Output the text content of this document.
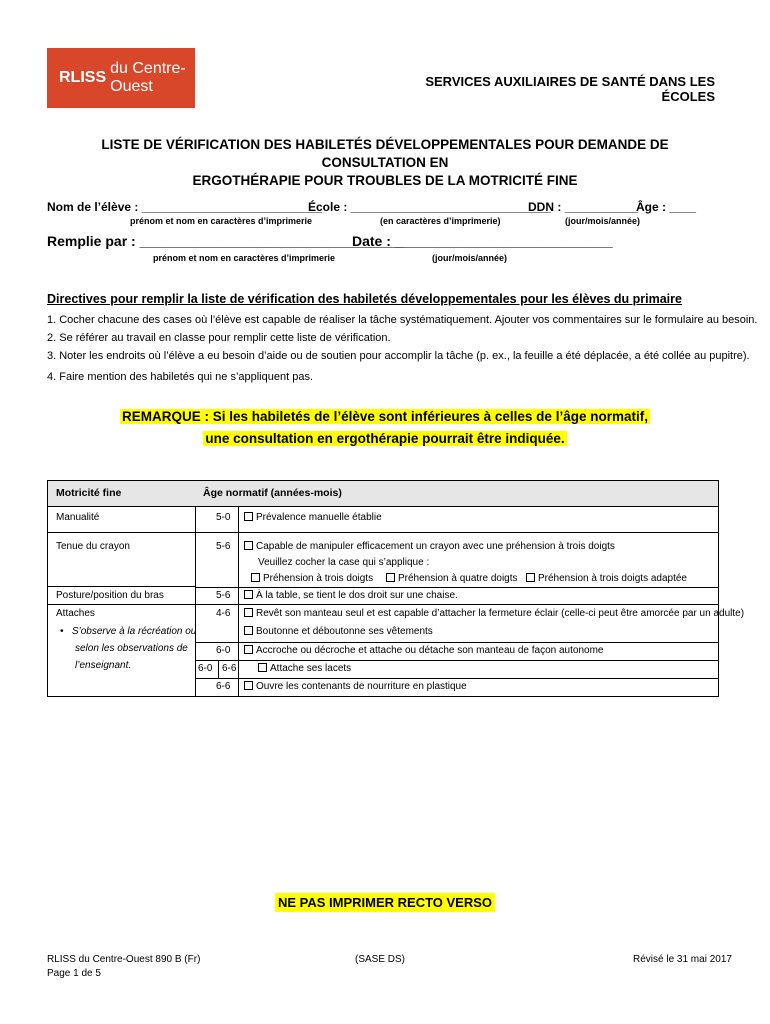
RLISS
du Centre-Ouest	SERVICES AUXILIAIRES DE SANTÉ DANS LES ÉCOLES
LISTE DE VÉRIFICATION DES HABILETÉS DÉVELOPPEMENTALES POUR DEMANDE DE CONSULTATION EN
ERGOTHÉRAPIE POUR TROUBLES DE LA MOTRICITÉ FINE
Nom de l’élève : ___________________________
École : ______________________________
DDN : ___________
Âge : ____
prénom et nom en caractères d’imprimerie	(en caractères d’imprimerie)	(jour/mois/année)
Remplie par : __________________________________
Date : ____________________________
prénom et nom en caractères d’imprimerie	(jour/mois/année)
Directives pour remplir la liste de vérification des habiletés développementales pour les élèves du primaire
1. Cocher chacune des cases où l’élève est capable de réaliser la tâche systématiquement. Ajouter vos commentaires sur le formulaire au besoin.
2. Se référer au travail en classe pour remplir cette liste de vérification.
3. Noter les endroits où l’élève a eu besoin d’aide ou de soutien pour accomplir la tâche (p. ex., la feuille a été déplacée, a été collée au pupitre).
4. Faire mention des habiletés qui ne s’appliquent pas.
REMARQUE : Si les habiletés de l’élève sont inférieures à celles de l’âge normatif,
une consultation en ergothérapie pourrait être indiquée.
Motricité fine	Âge normatif (années-mois)
Manualité	5-0	Prévalence manuelle établie
Tenue du crayon	5-6	Capable de manipuler efficacement un crayon avec une préhension à trois doigts
Veuillez cocher la case qui s’applique :
Préhension à trois doigts	Préhension à quatre doigts	Préhension à trois doigts adaptée
Posture/position du bras	5-6	À la table, se tient le dos droit sur une chaise.
Attaches
•   S’observe à la récréation ou
selon les observations de
l’enseignant.
4-6	Revêt son manteau seul et est capable d’attacher la fermeture éclair (celle-ci peut être amorcée par un adulte)
Boutonne et déboutonne ses vêtements
6-0	Accroche ou décroche et attache ou détache son manteau de façon autonome
6-0 6-6	Attache ses lacets
6-6	Ouvre les contenants de nourriture en plastique
NE PAS IMPRIMER RECTO VERSO
RLISS du Centre-Ouest 890 B (Fr)
Page 1 de 5
(SASE DS)	Révisé le 31 mai 2017
